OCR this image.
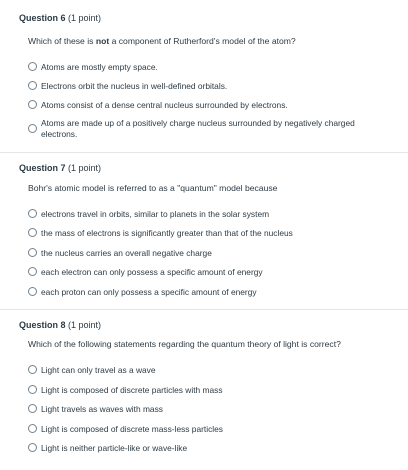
Question 6 (1 point)
Which of these is not a component of Rutherford's model of the atom?
Atoms are mostly empty space.
Electrons orbit the nucleus in well-defined orbitals.
Atoms consist of a dense central nucleus surrounded by electrons.
Atoms are made up of a positively charge nucleus surrounded by negatively charged electrons.
Question 7 (1 point)
Bohr's atomic model is referred to as a "quantum" model because
electrons travel in orbits, similar to planets in the solar system
the mass of electrons is significantly greater than that of the nucleus
the nucleus carries an overall negative charge
each electron can only possess a specific amount of energy
each proton can only possess a specific amount of energy
Question 8 (1 point)
Which of the following statements regarding the quantum theory of light is correct?
Light can only travel as a wave
Light is composed of discrete particles with mass
Light travels as waves with mass
Light is composed of discrete mass-less particles
Light is neither particle-like or wave-like
